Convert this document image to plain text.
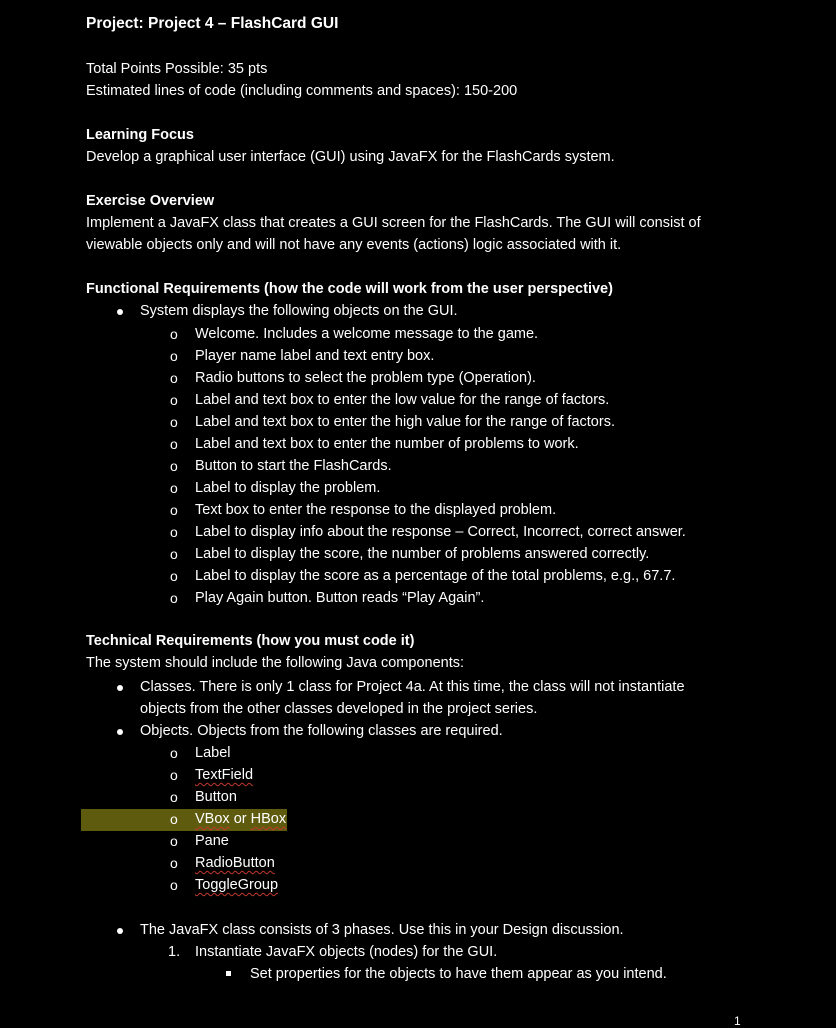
Project: Project 4 – FlashCard GUI
Total Points Possible: 35 pts
Estimated lines of code (including comments and spaces): 150-200
Learning Focus
Develop a graphical user interface (GUI) using JavaFX for the FlashCards system.
Exercise Overview
Implement a JavaFX class that creates a GUI screen for the FlashCards. The GUI will consist of
viewable objects only and will not have any events (actions) logic associated with it.
Functional Requirements (how the code will work from the user perspective)
System displays the following objects on the GUI.
o Welcome. Includes a welcome message to the game.
o Player name label and text entry box.
o Radio buttons to select the problem type (Operation).
o Label and text box to enter the low value for the range of factors.
o Label and text box to enter the high value for the range of factors.
o Label and text box to enter the number of problems to work.
o Button to start the FlashCards.
o Label to display the problem.
o Text box to enter the response to the displayed problem.
o Label to display info about the response – Correct, Incorrect, correct answer.
o Label to display the score, the number of problems answered correctly.
o Label to display the score as a percentage of the total problems, e.g., 67.7.
o Play Again button. Button reads “Play Again”.
Technical Requirements (how you must code it)
The system should include the following Java components:
Classes. There is only 1 class for Project 4a. At this time, the class will not instantiate
objects from the other classes developed in the project series.
Objects. Objects from the following classes are required.
o Label
o TextField
o Button
o VBox or HBox
o Pane
o RadioButton
o ToggleGroup
The JavaFX class consists of 3 phases. Use this in your Design discussion.
1. Instantiate JavaFX objects (nodes) for the GUI.
Set properties for the objects to have them appear as you intend.
1
